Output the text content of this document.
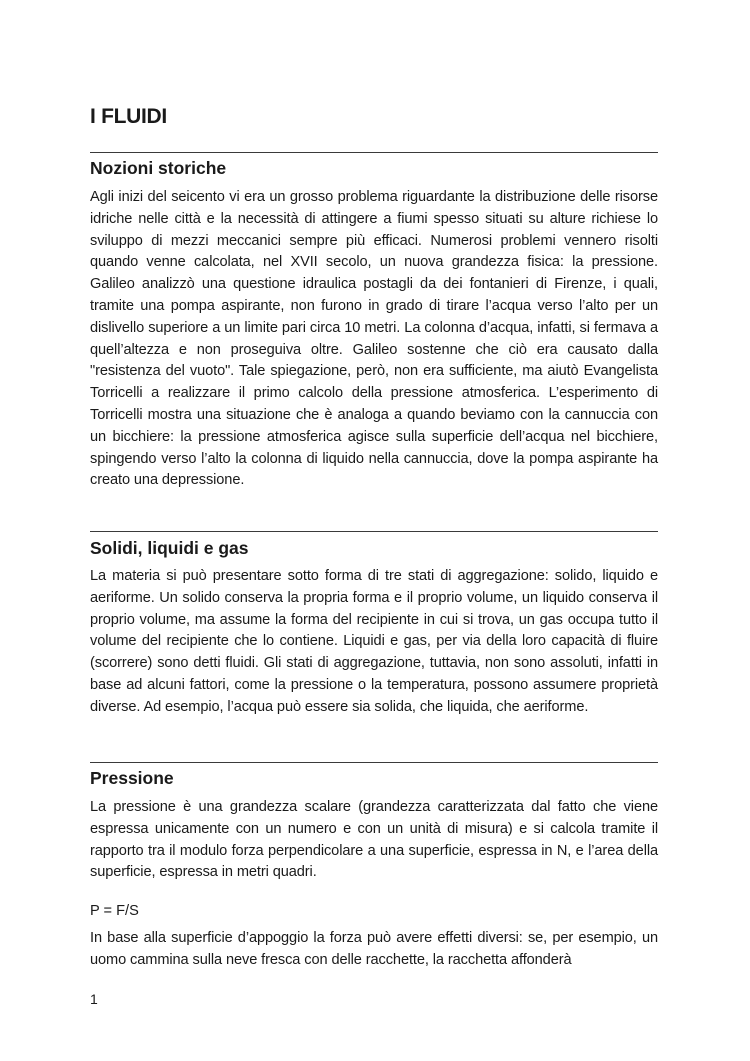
I FLUIDI
Nozioni storiche

Agli inizi del seicento vi era un grosso problema riguardante la distribuzione delle risorse idriche nelle città e la necessità di attingere a fiumi spesso situati su alture richiese lo sviluppo di mezzi meccanici sempre più efficaci. Numerosi problemi vennero risolti quando venne calcolata, nel XVII secolo, un nuova grandezza fisica: la pressione. Galileo analizzò una questione idraulica postagli da dei fontanieri di Firenze, i quali, tramite una pompa aspirante, non furono in grado di tirare l’acqua verso l’alto per un dislivello superiore a un limite pari circa 10 metri. La colonna d’acqua, infatti, si fermava a quell’altezza e non proseguiva oltre. Galileo sostenne che ciò era causato dalla "resistenza del vuoto". Tale spiegazione, però, non era sufficiente, ma aiutò Evangelista Torricelli a realizzare il primo calcolo della pressione atmosferica. L’esperimento di Torricelli mostra una situazione che è analoga a quando beviamo con la cannuccia con un bicchiere: la pressione atmosferica agisce sulla superficie dell’acqua nel bicchiere, spingendo verso l’alto la colonna di liquido nella cannuccia, dove la pompa aspirante ha creato una depressione.

Solidi, liquidi e gas

La materia si può presentare sotto forma di tre stati di aggregazione: solido, liquido e aeriforme. Un solido conserva la propria forma e il proprio volume, un liquido conserva il proprio volume, ma assume la forma del recipiente in cui si trova, un gas occupa tutto il volume del recipiente che lo contiene. Liquidi e gas, per via della loro capacità di fluire (scorrere) sono detti fluidi. Gli stati di aggregazione, tuttavia, non sono assoluti, infatti in base ad alcuni fattori, come la pressione o la temperatura, possono assumere proprietà diverse. Ad esempio, l’acqua può essere sia solida, che liquida, che aeriforme.

Pressione

La pressione è una grandezza scalare (grandezza caratterizzata dal fatto che viene espressa unicamente con un numero e con un unità di misura) e si calcola tramite il rapporto tra il modulo forza perpendicolare a una superficie, espressa in N, e l’area della superficie, espressa in metri quadri.

P = F/S

In base alla superficie d’appoggio la forza può avere effetti diversi: se, per esempio, un uomo cammina sulla neve fresca con delle racchette, la racchetta affonderà

1
